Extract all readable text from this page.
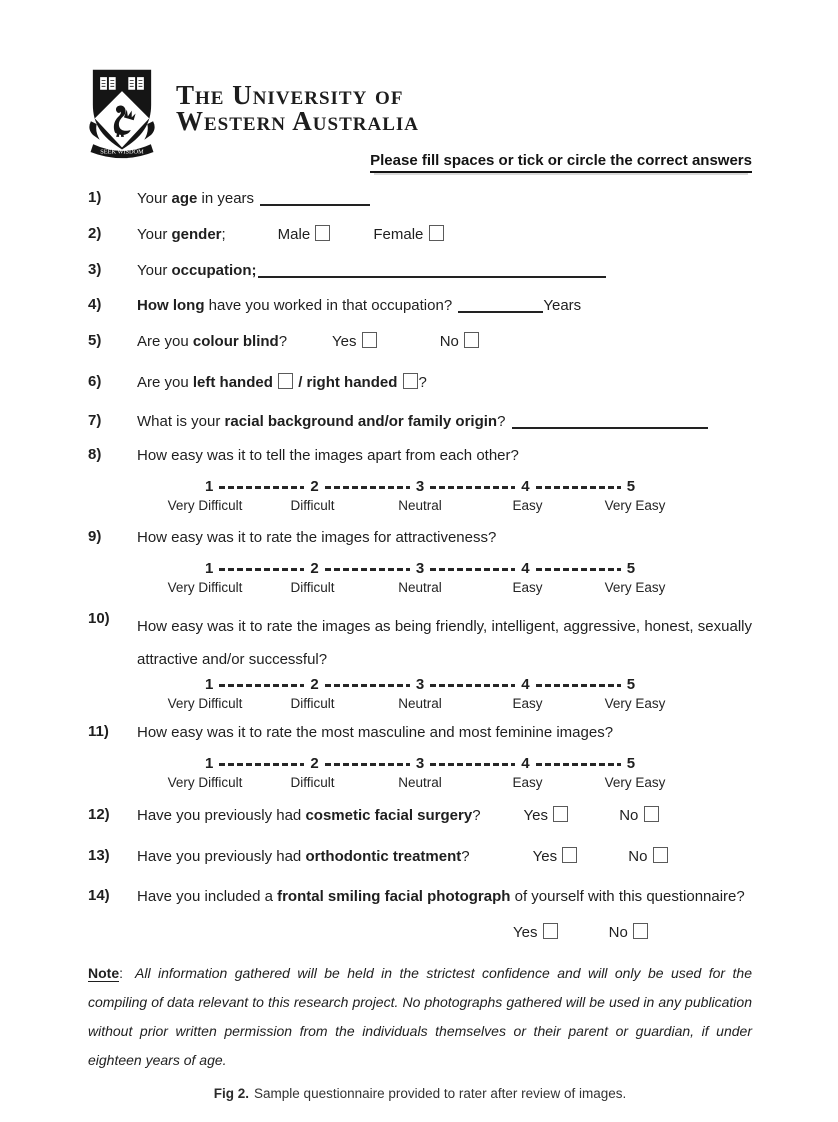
SEEK WISDOM
The University of
Western Australia
Please fill spaces or tick or circle the correct answers
1)	Your age in years
2)	Your gender;	Male	Female
3)	Your occupation;
4)	How long have you worked in that occupation?	Years
5)	Are you colour blind?	Yes	No
6)	Are you left handed  / right handed ?
7)	What is your racial background and/or family origin?
8)	How easy was it to tell the images apart from each other?
1	2	3	4	5
Very Difficult	Difficult	Neutral	Easy	Very Easy
9)	How easy was it to rate the images for attractiveness?
1	2	3	4	5
Very Difficult	Difficult	Neutral	Easy	Very Easy
10)	How easy was it to rate the images as being friendly, intelligent, aggressive, honest, sexually attractive and/or successful?
1	2	3	4	5
Very Difficult	Difficult	Neutral	Easy	Very Easy
11)	How easy was it to rate the most masculine and most feminine images?
1	2	3	4	5
Very Difficult	Difficult	Neutral	Easy	Very Easy
12)	Have you previously had cosmetic facial surgery?	Yes	No
13)	Have you previously had orthodontic treatment?	Yes	No
14)	Have you included a frontal smiling facial photograph of yourself with this questionnaire?
Yes	No

Note: All information gathered will be held in the strictest confidence and will only be used for the compiling of data relevant to this research project. No photographs gathered will be used in any publication without prior written permission from the individuals themselves or their parent or guardian, if under eighteen years of age.

Fig 2. Sample questionnaire provided to rater after review of images.
